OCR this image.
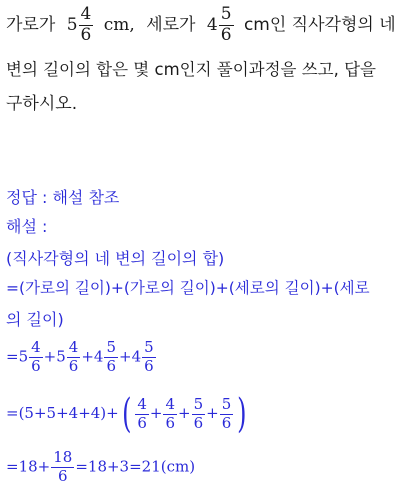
가로가 $5 \frac{4}{6}$ cm, 세로가 $4 \frac{5}{6}$ cm인 직사각형의 네
변의 길이의 합은 몇 cm인지 풀이과정을 쓰고, 답을
구하시오.
정답 : 해설 참조
해설 :
(직사각형의 네 변의 길이의 합)
=(가로의 길이)+(가로의 길이)+(세로의 길이)+(세로
의 길이)
$=5 \frac{4}{6} +5 \frac{4}{6} +4 \frac{5}{6} +4 \frac{5}{6}$
$=(5+5+4+4)+( \frac{4}{6} + \frac{4}{6} + \frac{5}{6} + \frac{5}{6}$ )
$=18+ \frac{18}{6} =18+3=21(cm)$
